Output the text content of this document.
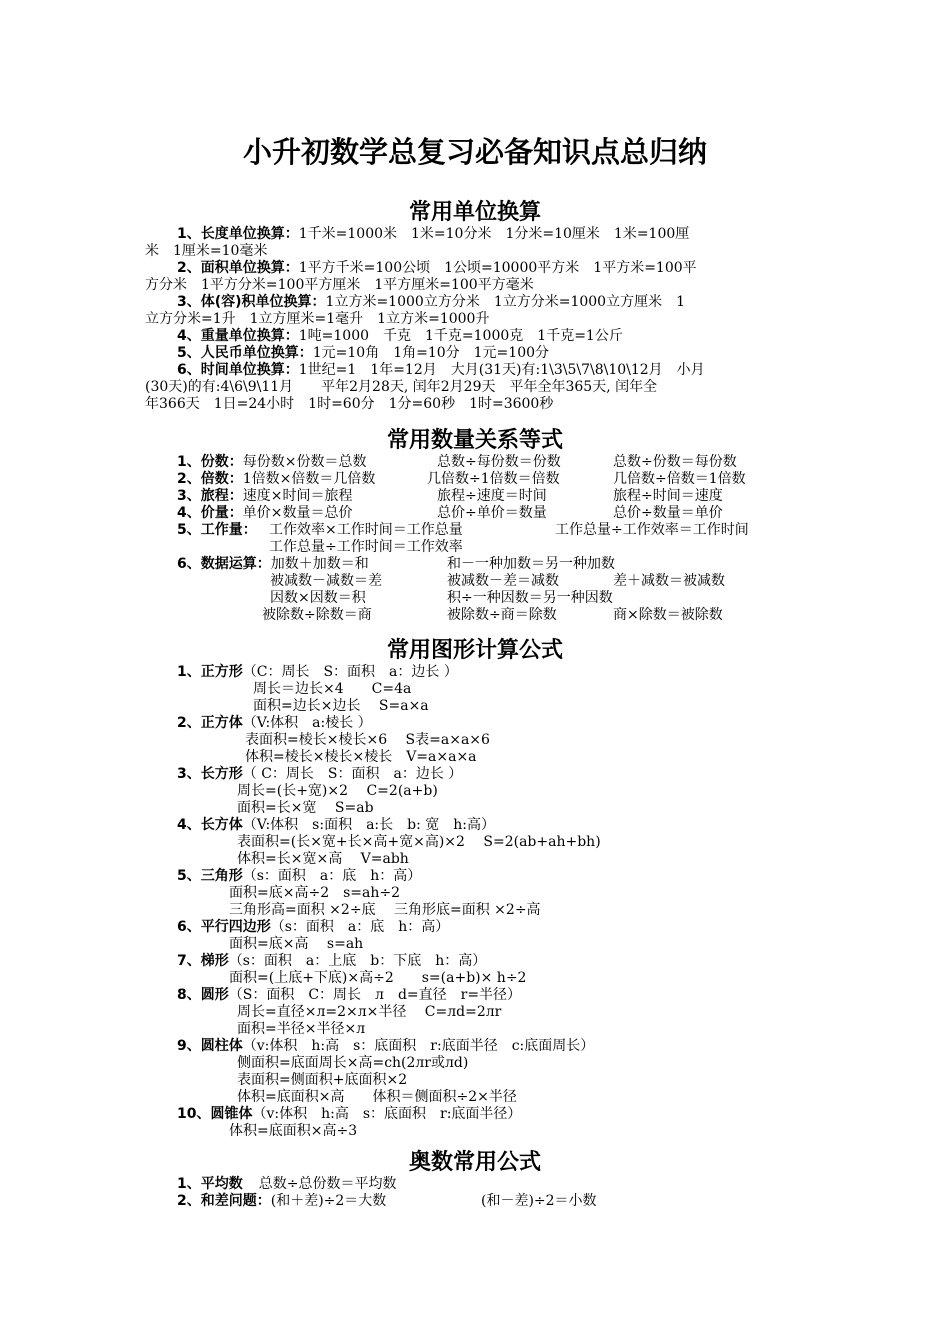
小升初数学总复习必备知识点总归纳
常用单位换算
1、长度单位换算：1千米=1000米　1米=10分米　1分米=10厘米　1米=100厘
米　1厘米=10毫米
2、面积单位换算：1平方千米=100公顷　1公顷=10000平方米　1平方米=100平
方分米　1平方分米=100平方厘米　1平方厘米=100平方毫米
3、体(容)积单位换算：1立方米=1000立方分米　1立方分米=1000立方厘米　1
立方分米=1升　1立方厘米=1毫升　1立方米=1000升
4、重量单位换算：1吨=1000　千克　1千克=1000克　1千克=1公斤
5、人民币单位换算：1元=10角　1角=10分　1元=100分
6、时间单位换算：1世纪=1　1年=12月　大月(31天)有:1\3\5\7\8\10\12月　小月
(30天)的有:4\6\9\11月　　平年2月28天, 闰年2月29天　平年全年365天, 闰年全
年366天　1日=24小时　1时=60分　1分=60秒　1时=3600秒
常用数量关系等式
1、份数：每份数×份数＝总数	总数÷每份数＝份数	总数÷份数＝每份数
2、倍数：1倍数×倍数＝几倍数	几倍数÷1倍数＝倍数	几倍数÷倍数＝1倍数
3、旅程：速度×时间＝旅程	旅程÷速度＝时间	旅程÷时间＝速度
4、价量：单价×数量＝总价	总价÷单价＝数量	总价÷数量＝单价
5、工作量： 工作效率×工作时间＝工作总量	工作总量÷工作效率＝工作时间
工作总量÷工作时间＝工作效率
6、数据运算：加数＋加数＝和	和－一种加数＝另一种加数
被减数－减数＝差	被减数－差＝减数	差＋减数＝被减数
因数×因数＝积	积÷一种因数＝另一种因数
被除数÷除数＝商	被除数÷商＝除数	商×除数＝被除数
常用图形计算公式
1、正方形（C：周长　S：面积　a：边长 ）
周长＝边长×4　　C=4a
面积=边长×边长　 S=a×a
2、正方体（V:体积　a:棱长 ）
表面积=棱长×棱长×6　 S表=a×a×6
体积=棱长×棱长×棱长　V=a×a×a
3、长方形（ C：周长　S：面积　a：边长 ）
周长=(长+宽)×2　 C=2(a+b)
面积=长×宽　 S=ab
4、长方体（V:体积　s:面积　a:长　b: 宽　h:高）
表面积=(长×宽+长×高+宽×高)×2　 S=2(ab+ah+bh)
体积=长×宽×高　 V=abh
5、三角形（s：面积　a：底　h：高）
面积=底×高÷2　s=ah÷2
三角形高=面积 ×2÷底　 三角形底=面积 ×2÷高
6、平行四边形（s：面积　a：底　h：高）
面积=底×高　 s=ah
7、梯形（s：面积　a：上底　b：下底　h：高）
面积=(上底+下底)×高÷2　　s=(a+b)× h÷2
8、圆形（S：面积　C：周长　л　d=直径　r=半径）
周长=直径×л=2×л×半径　 C=лd=2лr
面积=半径×半径×л
9、圆柱体（v:体积　h:高　s：底面积　r:底面半径　c:底面周长）
侧面积=底面周长×高=ch(2лr或лd)
表面积=侧面积+底面积×2
体积=底面积×高　　体积＝侧面积÷2×半径
10、圆锥体（v:体积　h:高　s：底面积　r:底面半径）
体积=底面积×高÷3
奥数常用公式
1、平均数 总数÷总份数＝平均数
2、和差问题：(和＋差)÷2＝大数	(和－差)÷2＝小数
